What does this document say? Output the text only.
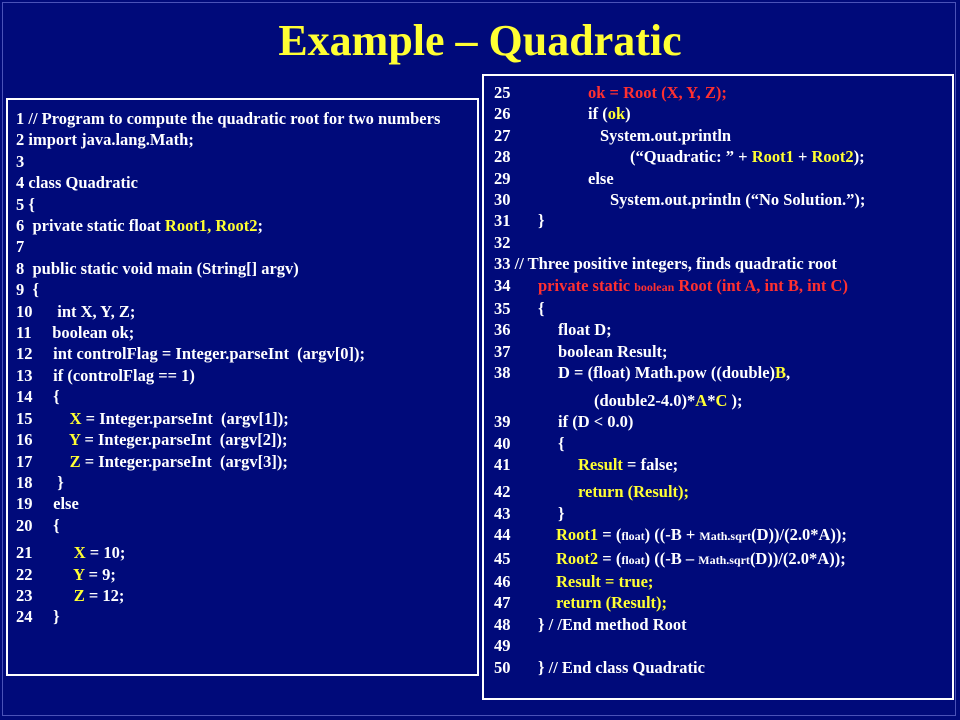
Example – Quadratic
1 // Program to compute the quadratic root for two numbers
2 import java.lang.Math;
3
4 class Quadratic
5 {
6  private static float Root1, Root2;
7
8  public static void main (String[] argv)
9  {
10      int X, Y, Z;
11     boolean ok;
12     int controlFlag = Integer.parseInt  (argv[0]);
13     if (controlFlag == 1)
14     {
15         X = Integer.parseInt  (argv[1]);
16         Y = Integer.parseInt  (argv[2]);
17         Z = Integer.parseInt  (argv[3]);
18      }
19     else
20     {
21          X = 10;
22          Y = 9;
23          Z = 12;
24     }
25	ok = Root (X, Y, Z);
26	if (ok)
27	System.out.println
28	(“Quadratic: ” + Root1 + Root2);
29	else
30	System.out.println (“No Solution.”);
31 }
32
33 // Three positive integers, finds quadratic root
34 private static boolean Root (int A, int B, int C)
35 {
36	float D;
37	boolean Result;
38	D = (float) Math.pow ((double)B,
(double2-4.0)*A*C );
39	if (D < 0.0)
40	{
41	Result = false;
42	return (Result);
43	}
44	Root1 = (float) ((-B + Math.sqrt(D))/(2.0*A));
45	Root2 = (float) ((-B – Math.sqrt(D))/(2.0*A));
46	Result = true;
47	return (Result);
48 } / /End method Root
49
50 } // End class Quadratic
